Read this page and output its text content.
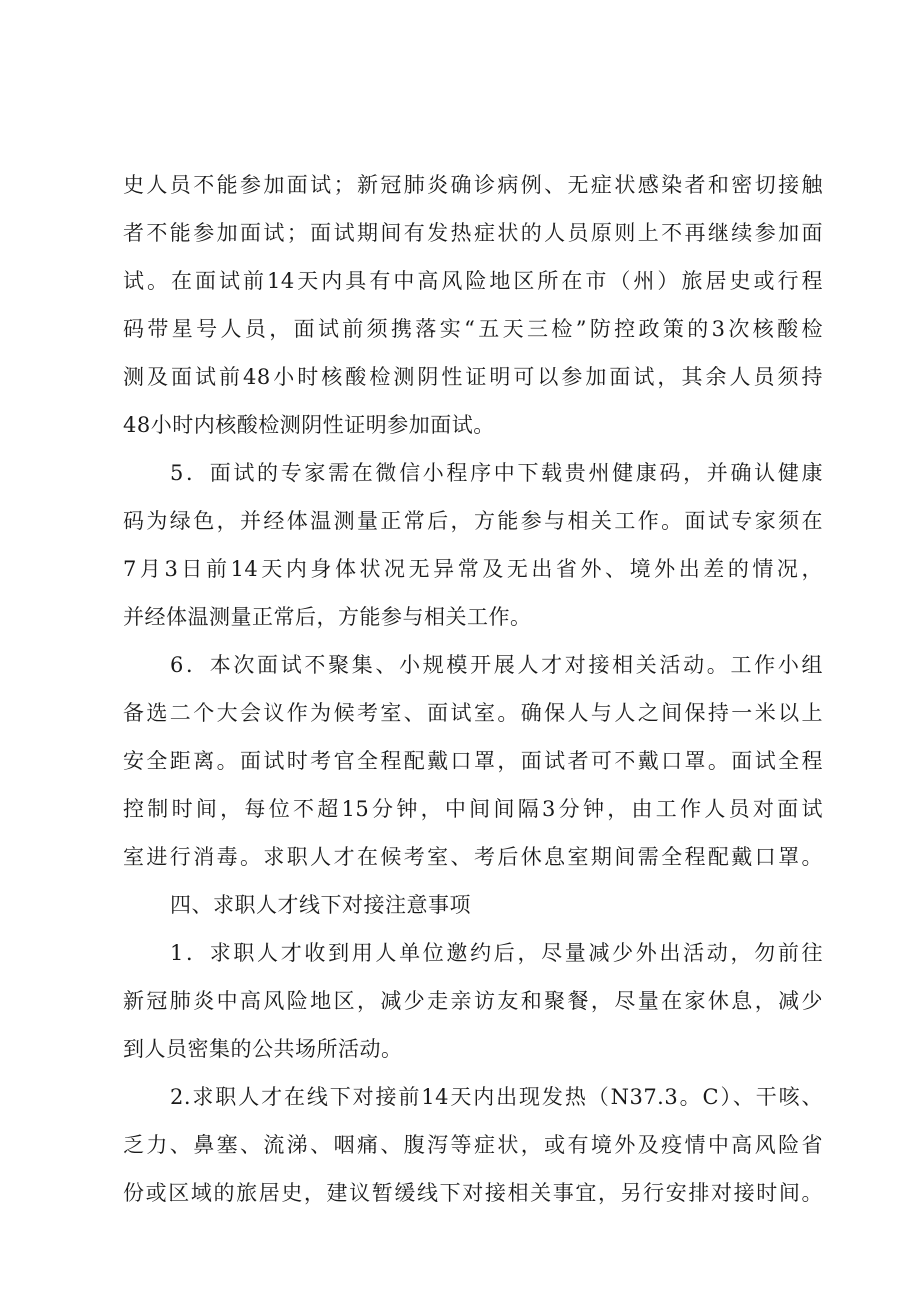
史人员不能参加面试；新冠肺炎确诊病例、无症状感染者和密切接触
者不能参加面试；面试期间有发热症状的人员原则上不再继续参加面
试。在面试前14天内具有中高风险地区所在市（州）旅居史或行程
码带星号人员，面试前须携落实“五天三检”防控政策的3次核酸检
测及面试前48小时核酸检测阴性证明可以参加面试，其余人员须持
48小时内核酸检测阴性证明参加面试。
5．面试的专家需在微信小程序中下载贵州健康码，并确认健康
码为绿色，并经体温测量正常后，方能参与相关工作。面试专家须在
7月3日前14天内身体状况无异常及无出省外、境外出差的情况，
并经体温测量正常后，方能参与相关工作。
6．本次面试不聚集、小规模开展人才对接相关活动。工作小组
备选二个大会议作为候考室、面试室。确保人与人之间保持一米以上
安全距离。面试时考官全程配戴口罩，面试者可不戴口罩。面试全程
控制时间，每位不超15分钟，中间间隔3分钟，由工作人员对面试
室进行消毒。求职人才在候考室、考后休息室期间需全程配戴口罩。
四、求职人才线下对接注意事项
1．求职人才收到用人单位邀约后，尽量减少外出活动，勿前往
新冠肺炎中高风险地区，减少走亲访友和聚餐，尽量在家休息，减少
到人员密集的公共场所活动。
2.求职人才在线下对接前14天内出现发热（N37.3。C）、干咳、
乏力、鼻塞、流涕、咽痛、腹泻等症状，或有境外及疫情中高风险省
份或区域的旅居史，建议暂缓线下对接相关事宜，另行安排对接时间。
